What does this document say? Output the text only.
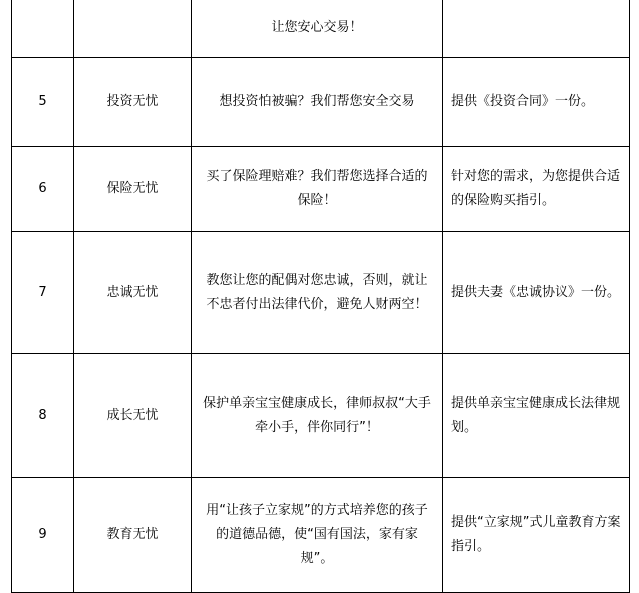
		让您安心交易！	
5	投资无忧	想投资怕被骗？我们帮您安全交易	提供《投资合同》一份。
6	保险无忧	买了保险理赔难？我们帮您选择合适的保险！	针对您的需求，为您提供合适的保险购买指引。
7	忠诚无忧	教您让您的配偶对您忠诚，否则，就让不忠者付出法律代价，避免人财两空！	提供夫妻《忠诚协议》一份。
8	成长无忧	保护单亲宝宝健康成长，律师叔叔“大手牵小手，伴你同行”！	提供单亲宝宝健康成长法律规划。
9	教育无忧	用“让孩子立家规”的方式培养您的孩子的道德品德，使“国有国法，家有家规”。	提供“立家规”式儿童教育方案指引。
